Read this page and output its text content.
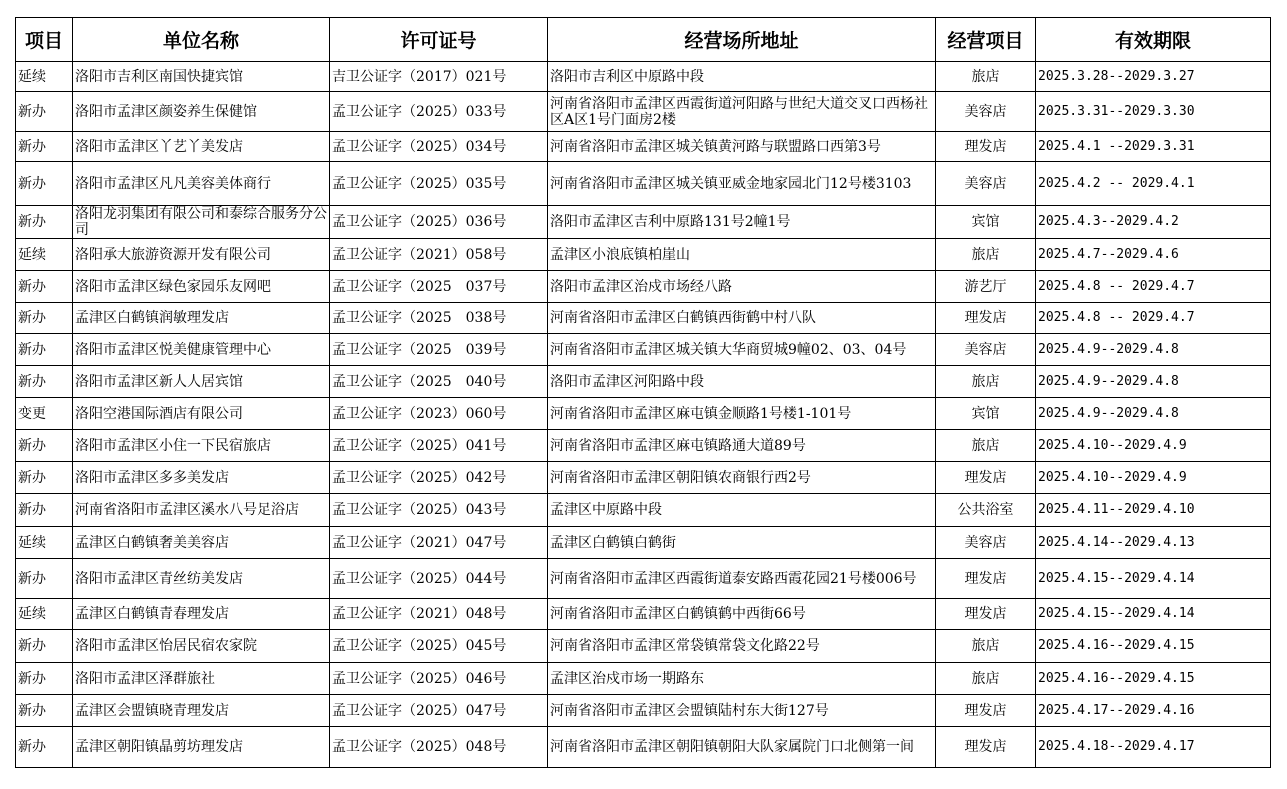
项目	单位名称	许可证号	经营场所地址	经营项目	有效期限
延续	洛阳市吉利区南国快捷宾馆	吉卫公证字（2017）021号	洛阳市吉利区中原路中段	旅店	2025.3.28--2029.3.27
新办	洛阳市孟津区颜姿养生保健馆	孟卫公证字（2025）033号	河南省洛阳市孟津区西霞街道河阳路与世纪大道交叉口西杨社区A区1号门面房2楼	美容店	2025.3.31--2029.3.30
新办	洛阳市孟津区丫艺丫美发店	孟卫公证字（2025）034号	河南省洛阳市孟津区城关镇黄河路与联盟路口西第3号	理发店	2025.4.1 --2029.3.31
新办	洛阳市孟津区凡凡美容美体商行	孟卫公证字（2025）035号	河南省洛阳市孟津区城关镇亚威金地家园北门12号楼3103	美容店	2025.4.2 -- 2029.4.1
新办	洛阳龙羽集团有限公司和泰综合服务分公司	孟卫公证字（2025）036号	洛阳市孟津区吉利中原路131号2幢1号	宾馆	2025.4.3--2029.4.2
延续	洛阳承大旅游资源开发有限公司	孟卫公证字（2021）058号	孟津区小浪底镇柏崖山	旅店	2025.4.7--2029.4.6
新办	洛阳市孟津区绿色家园乐友网吧	孟卫公证字（2025　037号	洛阳市孟津区治戍市场经八路	游艺厅	2025.4.8 -- 2029.4.7
新办	孟津区白鹤镇润敏理发店	孟卫公证字（2025　038号	河南省洛阳市孟津区白鹤镇西街鹤中村八队	理发店	2025.4.8 -- 2029.4.7
新办	洛阳市孟津区悦美健康管理中心	孟卫公证字（2025　039号	河南省洛阳市孟津区城关镇大华商贸城9幢02、03、04号	美容店	2025.4.9--2029.4.8
新办	洛阳市孟津区新人人居宾馆	孟卫公证字（2025　040号	洛阳市孟津区河阳路中段	旅店	2025.4.9--2029.4.8
变更	洛阳空港国际酒店有限公司	孟卫公证字（2023）060号	河南省洛阳市孟津区麻屯镇金顺路1号楼1-101号	宾馆	2025.4.9--2029.4.8
新办	洛阳市孟津区小住一下民宿旅店	孟卫公证字（2025）041号	河南省洛阳市孟津区麻屯镇路通大道89号	旅店	2025.4.10--2029.4.9
新办	洛阳市孟津区多多美发店	孟卫公证字（2025）042号	河南省洛阳市孟津区朝阳镇农商银行西2号	理发店	2025.4.10--2029.4.9
新办	河南省洛阳市孟津区溪水八号足浴店	孟卫公证字（2025）043号	孟津区中原路中段	公共浴室	2025.4.11--2029.4.10
延续	孟津区白鹤镇奢美美容店	孟卫公证字（2021）047号	孟津区白鹤镇白鹤街	美容店	2025.4.14--2029.4.13
新办	洛阳市孟津区青丝纺美发店	孟卫公证字（2025）044号	河南省洛阳市孟津区西霞街道泰安路西霞花园21号楼006号	理发店	2025.4.15--2029.4.14
延续	孟津区白鹤镇青春理发店	孟卫公证字（2021）048号	河南省洛阳市孟津区白鹤镇鹤中西街66号	理发店	2025.4.15--2029.4.14
新办	洛阳市孟津区怡居民宿农家院	孟卫公证字（2025）045号	河南省洛阳市孟津区常袋镇常袋文化路22号	旅店	2025.4.16--2029.4.15
新办	洛阳市孟津区泽群旅社	孟卫公证字（2025）046号	孟津区治戍市场一期路东	旅店	2025.4.16--2029.4.15
新办	孟津区会盟镇晓青理发店	孟卫公证字（2025）047号	河南省洛阳市孟津区会盟镇陆村东大街127号	理发店	2025.4.17--2029.4.16
新办	孟津区朝阳镇晶剪坊理发店	孟卫公证字（2025）048号	河南省洛阳市孟津区朝阳镇朝阳大队家属院门口北侧第一间	理发店	2025.4.18--2029.4.17
